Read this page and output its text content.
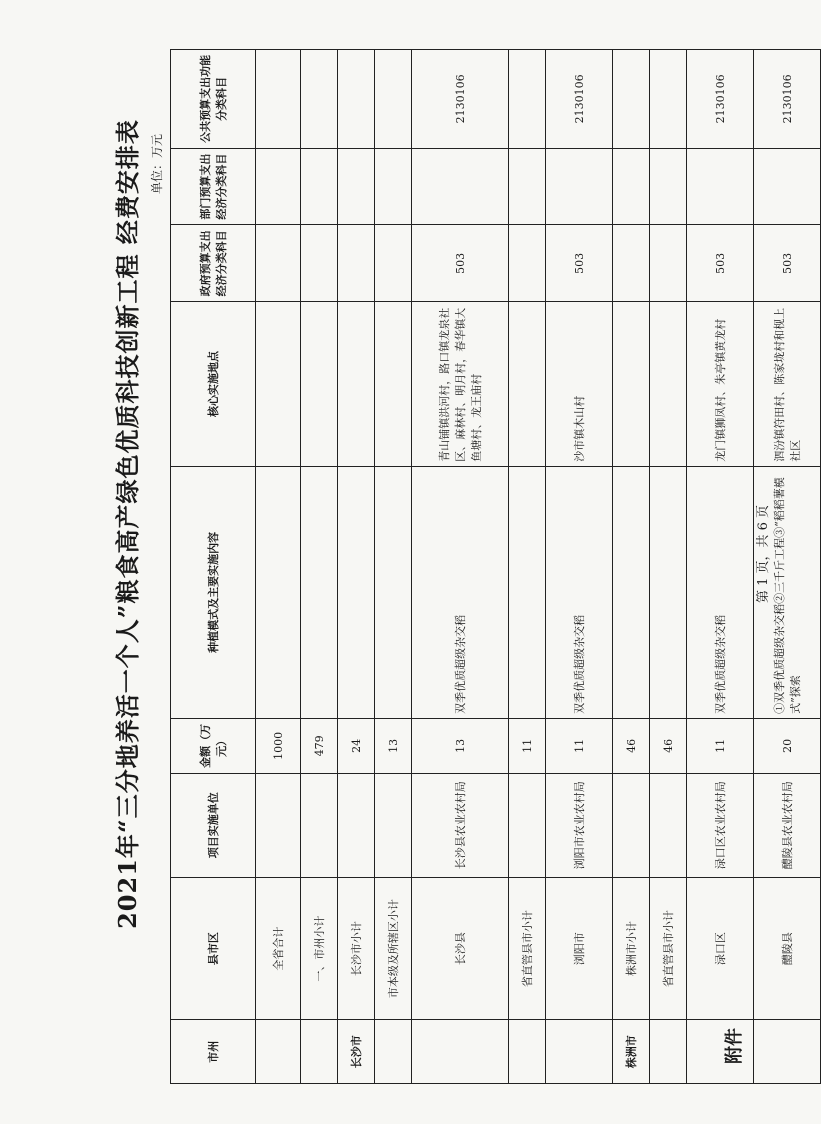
附件
2021年“三分地养活一个人”粮食高产绿色优质科技创新工程 经费安排表 单位：万元
市州	县市区	项目实施单位	金额（万元）	种植模式及主要实施内容	核心实施地点	政府预算支出经济分类科目	部门预算支出经济分类科目	公共预算支出功能分类科目
	全省合计		1000					
	一、市州小计		479					
长沙市	长沙市小计		24					
	市本级及所辖区小计		13					
	长沙县	长沙县农业农村局	13	双季优质超级杂交稻	青山铺镇洪河村，路口镇龙泉社区、麻林村、明月村，春华镇大鱼塘村、龙王庙村	503		2130106
	省直管县市小计		11					
	浏阳市	浏阳市农业农村局	11	双季优质超级杂交稻	沙市镇木山村	503		2130106
株洲市	株洲市小计		46					
	省直管县市小计		46					
	渌口区	渌口区农业农村局	11	双季优质超级杂交稻	龙门镇狮凤村、朱亭镇黄龙村	503		2130106
	醴陵县	醴陵县农业农村局	20	①双季优质超级杂交稻②三千斤工程③“稻稻薯模式”探索	泗汾镇符田村、陈家垅村和枧上社区	503		2130106
第 1 页，共 6 页
